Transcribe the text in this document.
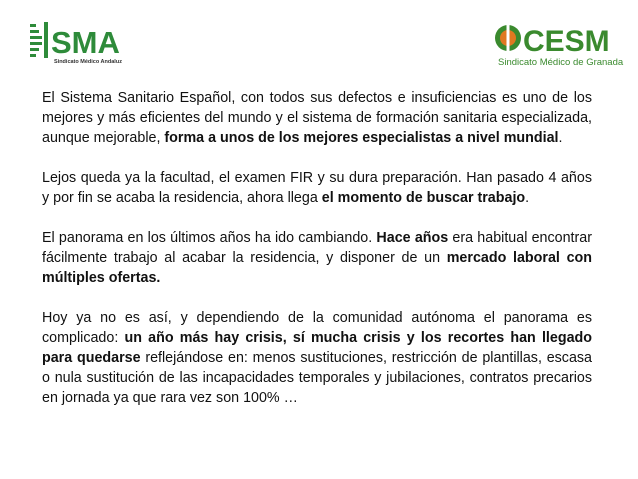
SMA
Sindicato Médico Andaluz
CESM
Sindicato Médico de Granada

El Sistema Sanitario Español, con todos sus defectos e insuficiencias es uno de los mejores y más eficientes del mundo y el sistema de formación sanitaria especializada, aunque mejorable, forma a unos de los mejores especialistas a nivel mundial.

Lejos queda ya la facultad, el examen FIR y su dura preparación. Han pasado 4 años y por fin se acaba la residencia, ahora llega el momento de buscar trabajo.

El panorama en los últimos años ha ido cambiando. Hace años era habitual encontrar fácilmente trabajo al acabar la residencia, y disponer de un mercado laboral con múltiples ofertas.

Hoy ya no es así, y dependiendo de la comunidad autónoma el panorama es complicado: un año más hay crisis, sí mucha crisis y los recortes han llegado para quedarse reflejándose en: menos sustituciones, restricción de plantillas, escasa o nula sustitución de las incapacidades temporales y jubilaciones, contratos precarios en jornada ya que rara vez son 100% …
